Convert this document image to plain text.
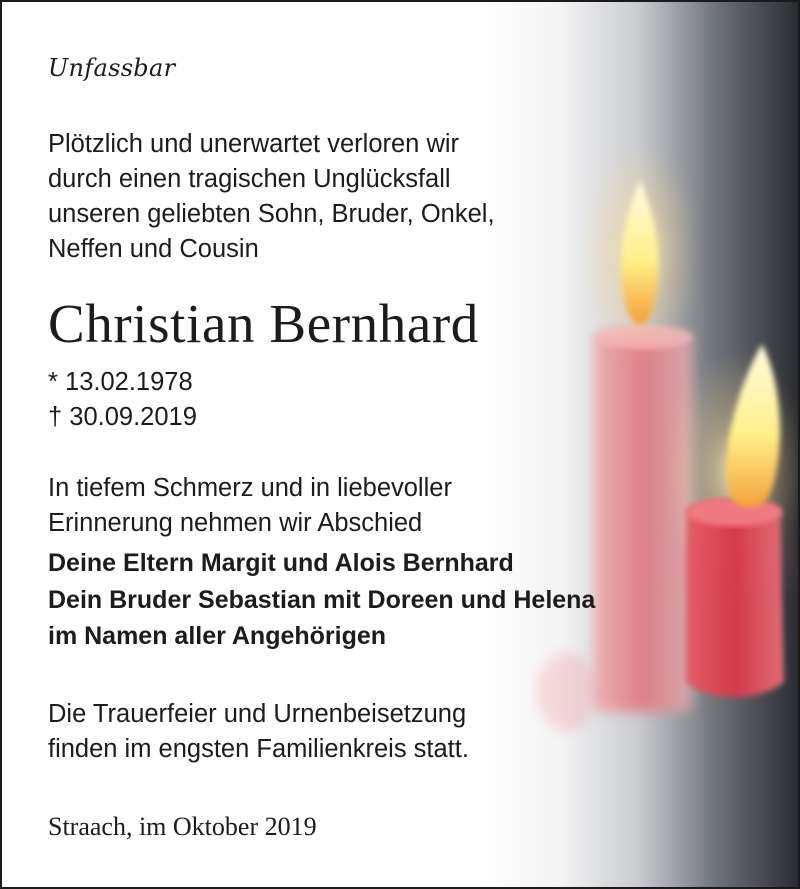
Unfassbar
Plötzlich und unerwartet verloren wir
durch einen tragischen Unglücksfall
unseren geliebten Sohn, Bruder, Onkel,
Neffen und Cousin
Christian Bernhard
* 13.02.1978
† 30.09.2019
In tiefem Schmerz und in liebevoller
Erinnerung nehmen wir Abschied
Deine Eltern Margit und Alois Bernhard
Dein Bruder Sebastian mit Doreen und Helena
im Namen aller Angehörigen
Die Trauerfeier und Urnenbeisetzung
finden im engsten Familienkreis statt.
Straach, im Oktober 2019
